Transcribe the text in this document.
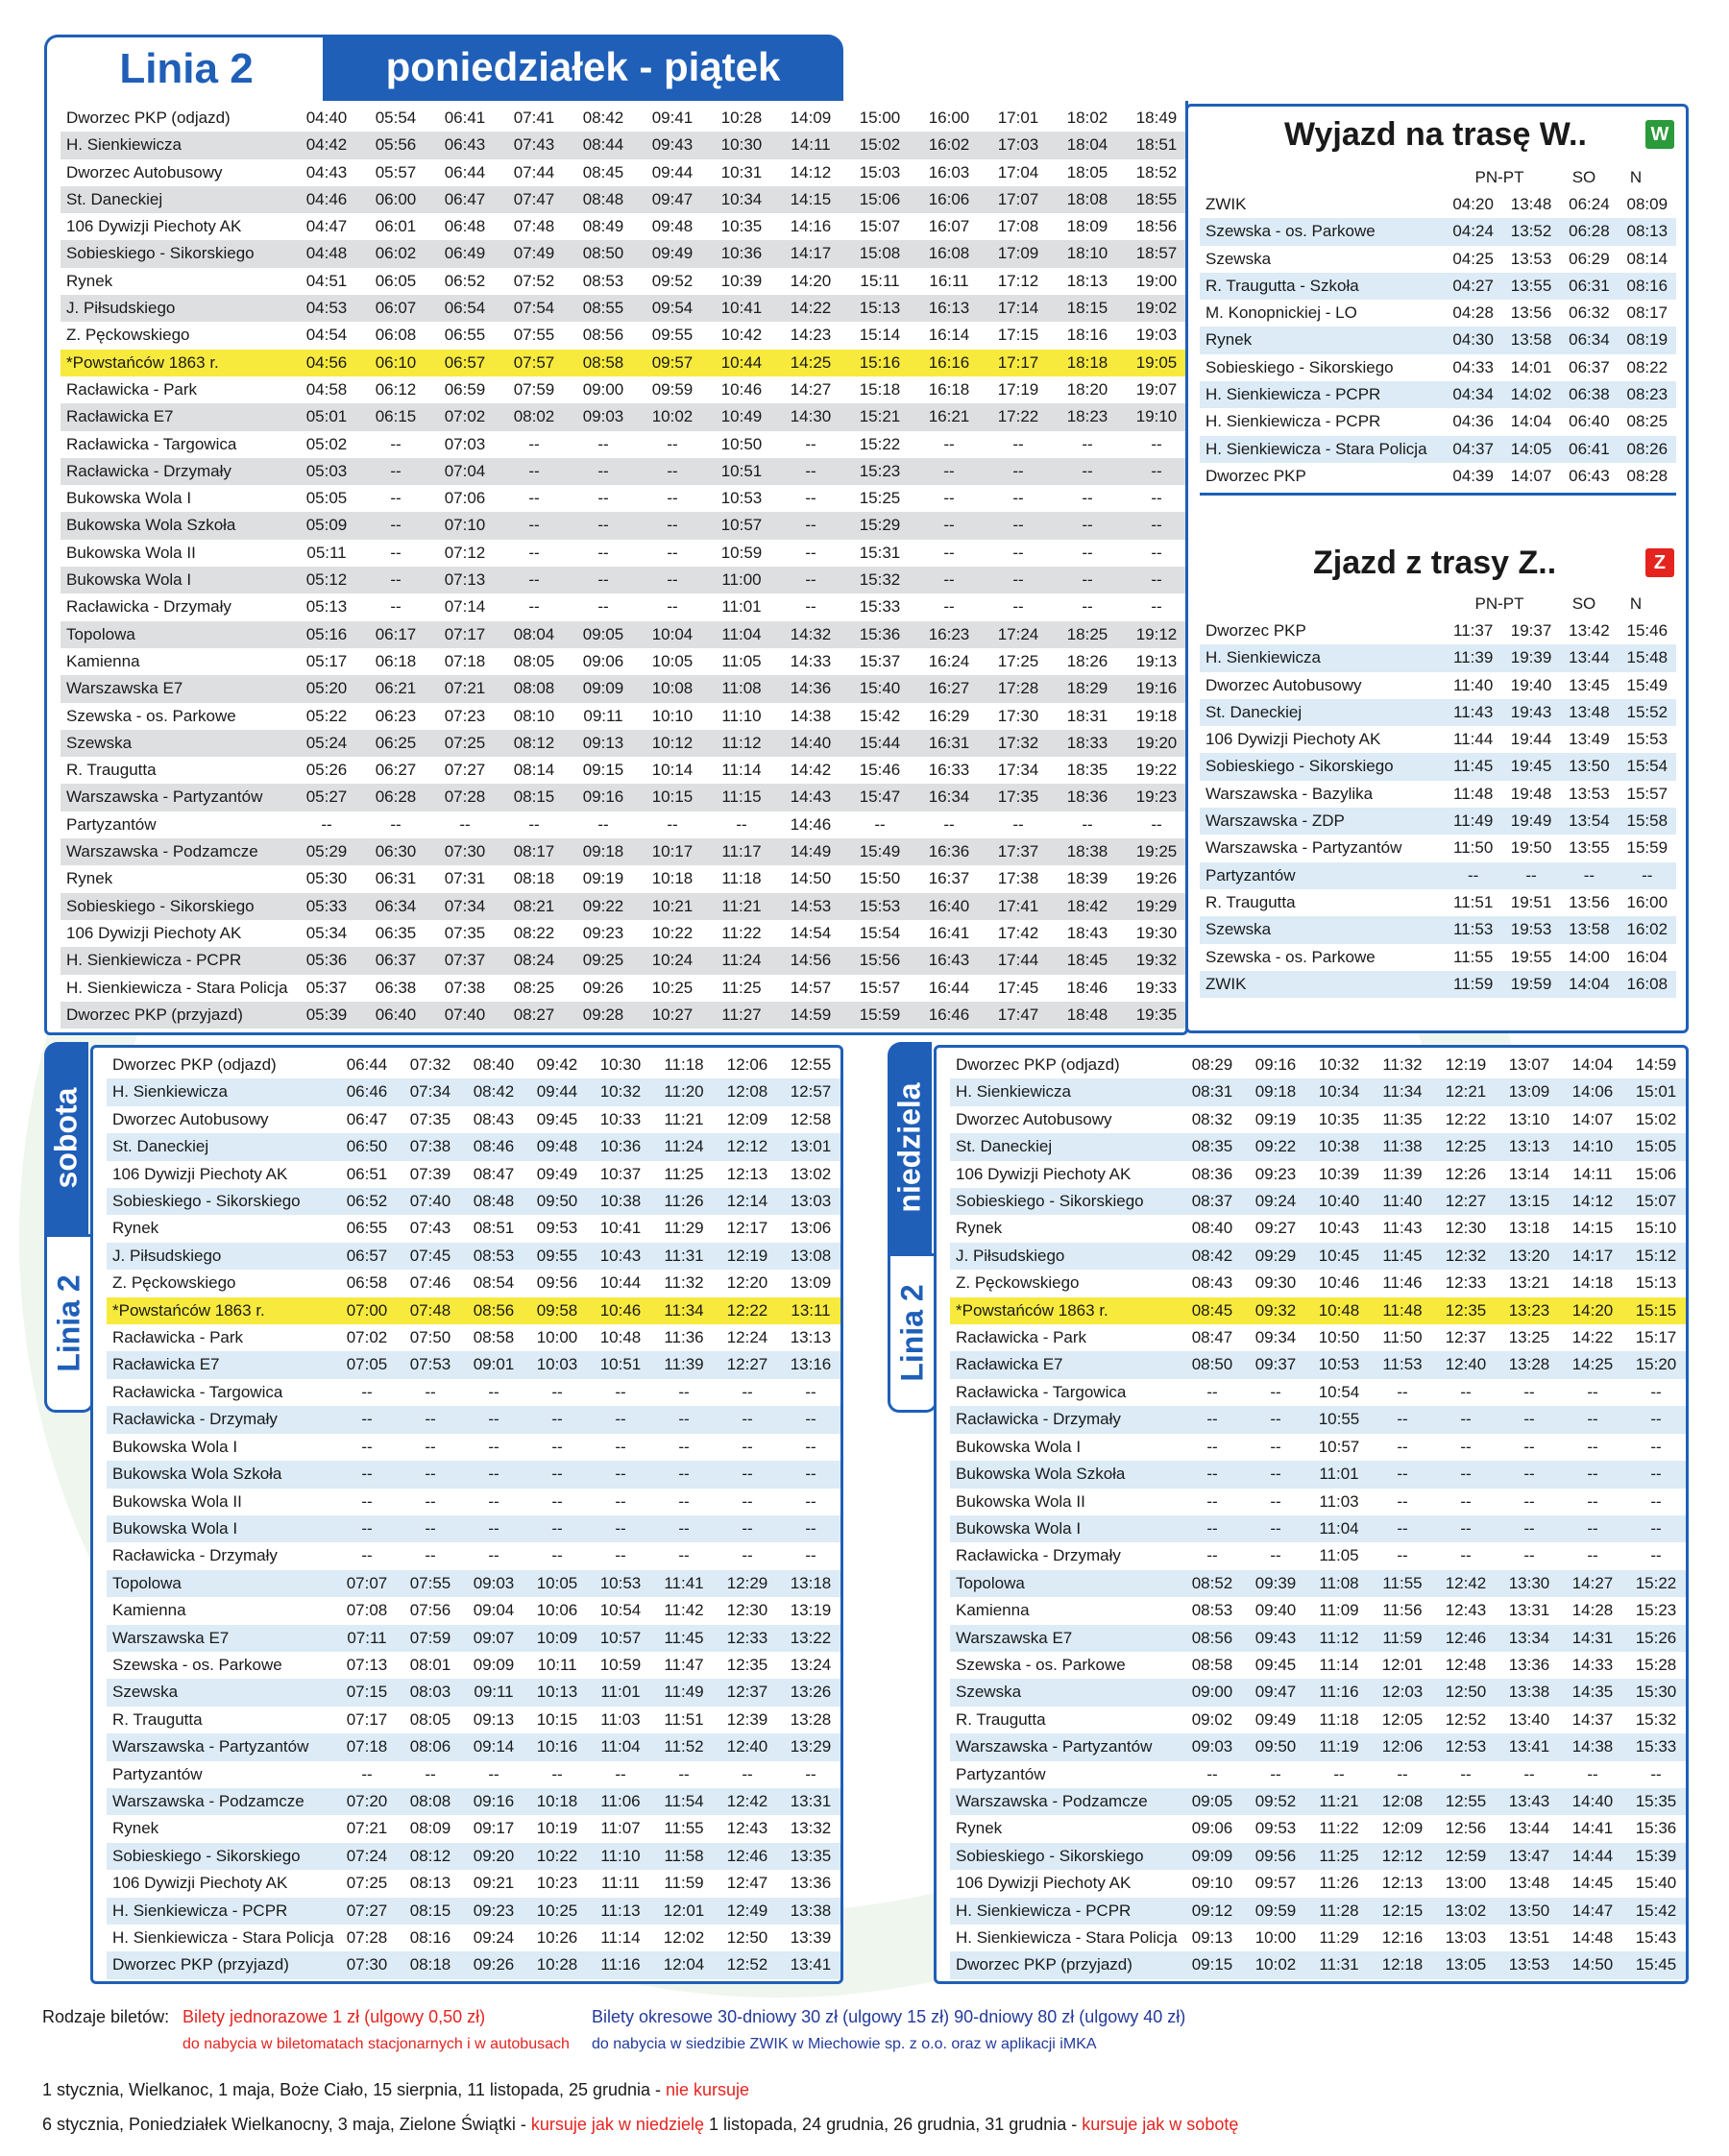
Linia 2	poniedziałek - piątek
Dworzec PKP (odjazd)	04:40	05:54	06:41	07:41	08:42	09:41	10:28	14:09	15:00	16:00	17:01	18:02	18:49
H. Sienkiewicza	04:42	05:56	06:43	07:43	08:44	09:43	10:30	14:11	15:02	16:02	17:03	18:04	18:51
Dworzec Autobusowy	04:43	05:57	06:44	07:44	08:45	09:44	10:31	14:12	15:03	16:03	17:04	18:05	18:52
St. Daneckiej	04:46	06:00	06:47	07:47	08:48	09:47	10:34	14:15	15:06	16:06	17:07	18:08	18:55
106 Dywizji Piechoty AK	04:47	06:01	06:48	07:48	08:49	09:48	10:35	14:16	15:07	16:07	17:08	18:09	18:56
Sobieskiego - Sikorskiego	04:48	06:02	06:49	07:49	08:50	09:49	10:36	14:17	15:08	16:08	17:09	18:10	18:57
Rynek	04:51	06:05	06:52	07:52	08:53	09:52	10:39	14:20	15:11	16:11	17:12	18:13	19:00
J. Piłsudskiego	04:53	06:07	06:54	07:54	08:55	09:54	10:41	14:22	15:13	16:13	17:14	18:15	19:02
Z. Pęckowskiego	04:54	06:08	06:55	07:55	08:56	09:55	10:42	14:23	15:14	16:14	17:15	18:16	19:03
*Powstańców 1863 r.	04:56	06:10	06:57	07:57	08:58	09:57	10:44	14:25	15:16	16:16	17:17	18:18	19:05
Racławicka - Park	04:58	06:12	06:59	07:59	09:00	09:59	10:46	14:27	15:18	16:18	17:19	18:20	19:07
Racławicka E7	05:01	06:15	07:02	08:02	09:03	10:02	10:49	14:30	15:21	16:21	17:22	18:23	19:10
Racławicka - Targowica	05:02	--	07:03	--	--	--	10:50	--	15:22	--	--	--	--
Racławicka - Drzymały	05:03	--	07:04	--	--	--	10:51	--	15:23	--	--	--	--
Bukowska Wola I	05:05	--	07:06	--	--	--	10:53	--	15:25	--	--	--	--
Bukowska Wola Szkoła	05:09	--	07:10	--	--	--	10:57	--	15:29	--	--	--	--
Bukowska Wola II	05:11	--	07:12	--	--	--	10:59	--	15:31	--	--	--	--
Bukowska Wola I	05:12	--	07:13	--	--	--	11:00	--	15:32	--	--	--	--
Racławicka - Drzymały	05:13	--	07:14	--	--	--	11:01	--	15:33	--	--	--	--
Topolowa	05:16	06:17	07:17	08:04	09:05	10:04	11:04	14:32	15:36	16:23	17:24	18:25	19:12
Kamienna	05:17	06:18	07:18	08:05	09:06	10:05	11:05	14:33	15:37	16:24	17:25	18:26	19:13
Warszawska E7	05:20	06:21	07:21	08:08	09:09	10:08	11:08	14:36	15:40	16:27	17:28	18:29	19:16
Szewska - os. Parkowe	05:22	06:23	07:23	08:10	09:11	10:10	11:10	14:38	15:42	16:29	17:30	18:31	19:18
Szewska	05:24	06:25	07:25	08:12	09:13	10:12	11:12	14:40	15:44	16:31	17:32	18:33	19:20
R. Traugutta	05:26	06:27	07:27	08:14	09:15	10:14	11:14	14:42	15:46	16:33	17:34	18:35	19:22
Warszawska - Partyzantów	05:27	06:28	07:28	08:15	09:16	10:15	11:15	14:43	15:47	16:34	17:35	18:36	19:23
Partyzantów	--	--	--	--	--	--	--	14:46	--	--	--	--	--
Warszawska - Podzamcze	05:29	06:30	07:30	08:17	09:18	10:17	11:17	14:49	15:49	16:36	17:37	18:38	19:25
Rynek	05:30	06:31	07:31	08:18	09:19	10:18	11:18	14:50	15:50	16:37	17:38	18:39	19:26
Sobieskiego - Sikorskiego	05:33	06:34	07:34	08:21	09:22	10:21	11:21	14:53	15:53	16:40	17:41	18:42	19:29
106 Dywizji Piechoty AK	05:34	06:35	07:35	08:22	09:23	10:22	11:22	14:54	15:54	16:41	17:42	18:43	19:30
H. Sienkiewicza - PCPR	05:36	06:37	07:37	08:24	09:25	10:24	11:24	14:56	15:56	16:43	17:44	18:45	19:32
H. Sienkiewicza - Stara Policja	05:37	06:38	07:38	08:25	09:26	10:25	11:25	14:57	15:57	16:44	17:45	18:46	19:33
Dworzec PKP (przyjazd)	05:39	06:40	07:40	08:27	09:28	10:27	11:27	14:59	15:59	16:46	17:47	18:48	19:35
Wyjazd na trasę W..	W
PN-PT	SO	N
ZWIK	04:20	13:48	06:24	08:09
Szewska - os. Parkowe	04:24	13:52	06:28	08:13
Szewska	04:25	13:53	06:29	08:14
R. Traugutta - Szkoła	04:27	13:55	06:31	08:16
M. Konopnickiej - LO	04:28	13:56	06:32	08:17
Rynek	04:30	13:58	06:34	08:19
Sobieskiego - Sikorskiego	04:33	14:01	06:37	08:22
H. Sienkiewicza - PCPR	04:34	14:02	06:38	08:23
H. Sienkiewicza - PCPR	04:36	14:04	06:40	08:25
H. Sienkiewicza - Stara Policja	04:37	14:05	06:41	08:26
Dworzec PKP	04:39	14:07	06:43	08:28
Zjazd z trasy Z..	Z
PN-PT	SO	N
Dworzec PKP	11:37	19:37	13:42	15:46
H. Sienkiewicza	11:39	19:39	13:44	15:48
Dworzec Autobusowy	11:40	19:40	13:45	15:49
St. Daneckiej	11:43	19:43	13:48	15:52
106 Dywizji Piechoty AK	11:44	19:44	13:49	15:53
Sobieskiego - Sikorskiego	11:45	19:45	13:50	15:54
Warszawska - Bazylika	11:48	19:48	13:53	15:57
Warszawska - ZDP	11:49	19:49	13:54	15:58
Warszawska - Partyzantów	11:50	19:50	13:55	15:59
Partyzantów	--	--	--	--
R. Traugutta	11:51	19:51	13:56	16:00
Szewska	11:53	19:53	13:58	16:02
Szewska - os. Parkowe	11:55	19:55	14:00	16:04
ZWIK	11:59	19:59	14:04	16:08
sobota
Linia 2
Dworzec PKP (odjazd)	06:44	07:32	08:40	09:42	10:30	11:18	12:06	12:55
H. Sienkiewicza	06:46	07:34	08:42	09:44	10:32	11:20	12:08	12:57
Dworzec Autobusowy	06:47	07:35	08:43	09:45	10:33	11:21	12:09	12:58
St. Daneckiej	06:50	07:38	08:46	09:48	10:36	11:24	12:12	13:01
106 Dywizji Piechoty AK	06:51	07:39	08:47	09:49	10:37	11:25	12:13	13:02
Sobieskiego - Sikorskiego	06:52	07:40	08:48	09:50	10:38	11:26	12:14	13:03
Rynek	06:55	07:43	08:51	09:53	10:41	11:29	12:17	13:06
J. Piłsudskiego	06:57	07:45	08:53	09:55	10:43	11:31	12:19	13:08
Z. Pęckowskiego	06:58	07:46	08:54	09:56	10:44	11:32	12:20	13:09
*Powstańców 1863 r.	07:00	07:48	08:56	09:58	10:46	11:34	12:22	13:11
Racławicka - Park	07:02	07:50	08:58	10:00	10:48	11:36	12:24	13:13
Racławicka E7	07:05	07:53	09:01	10:03	10:51	11:39	12:27	13:16
Racławicka - Targowica	--	--	--	--	--	--	--	--
Racławicka - Drzymały	--	--	--	--	--	--	--	--
Bukowska Wola I	--	--	--	--	--	--	--	--
Bukowska Wola Szkoła	--	--	--	--	--	--	--	--
Bukowska Wola II	--	--	--	--	--	--	--	--
Bukowska Wola I	--	--	--	--	--	--	--	--
Racławicka - Drzymały	--	--	--	--	--	--	--	--
Topolowa	07:07	07:55	09:03	10:05	10:53	11:41	12:29	13:18
Kamienna	07:08	07:56	09:04	10:06	10:54	11:42	12:30	13:19
Warszawska E7	07:11	07:59	09:07	10:09	10:57	11:45	12:33	13:22
Szewska - os. Parkowe	07:13	08:01	09:09	10:11	10:59	11:47	12:35	13:24
Szewska	07:15	08:03	09:11	10:13	11:01	11:49	12:37	13:26
R. Traugutta	07:17	08:05	09:13	10:15	11:03	11:51	12:39	13:28
Warszawska - Partyzantów	07:18	08:06	09:14	10:16	11:04	11:52	12:40	13:29
Partyzantów	--	--	--	--	--	--	--	--
Warszawska - Podzamcze	07:20	08:08	09:16	10:18	11:06	11:54	12:42	13:31
Rynek	07:21	08:09	09:17	10:19	11:07	11:55	12:43	13:32
Sobieskiego - Sikorskiego	07:24	08:12	09:20	10:22	11:10	11:58	12:46	13:35
106 Dywizji Piechoty AK	07:25	08:13	09:21	10:23	11:11	11:59	12:47	13:36
H. Sienkiewicza - PCPR	07:27	08:15	09:23	10:25	11:13	12:01	12:49	13:38
H. Sienkiewicza - Stara Policja	07:28	08:16	09:24	10:26	11:14	12:02	12:50	13:39
Dworzec PKP (przyjazd)	07:30	08:18	09:26	10:28	11:16	12:04	12:52	13:41
niedziela
Linia 2
Dworzec PKP (odjazd)	08:29	09:16	10:32	11:32	12:19	13:07	14:04	14:59
H. Sienkiewicza	08:31	09:18	10:34	11:34	12:21	13:09	14:06	15:01
Dworzec Autobusowy	08:32	09:19	10:35	11:35	12:22	13:10	14:07	15:02
St. Daneckiej	08:35	09:22	10:38	11:38	12:25	13:13	14:10	15:05
106 Dywizji Piechoty AK	08:36	09:23	10:39	11:39	12:26	13:14	14:11	15:06
Sobieskiego - Sikorskiego	08:37	09:24	10:40	11:40	12:27	13:15	14:12	15:07
Rynek	08:40	09:27	10:43	11:43	12:30	13:18	14:15	15:10
J. Piłsudskiego	08:42	09:29	10:45	11:45	12:32	13:20	14:17	15:12
Z. Pęckowskiego	08:43	09:30	10:46	11:46	12:33	13:21	14:18	15:13
*Powstańców 1863 r.	08:45	09:32	10:48	11:48	12:35	13:23	14:20	15:15
Racławicka - Park	08:47	09:34	10:50	11:50	12:37	13:25	14:22	15:17
Racławicka E7	08:50	09:37	10:53	11:53	12:40	13:28	14:25	15:20
Racławicka - Targowica	--	--	10:54	--	--	--	--	--
Racławicka - Drzymały	--	--	10:55	--	--	--	--	--
Bukowska Wola I	--	--	10:57	--	--	--	--	--
Bukowska Wola Szkoła	--	--	11:01	--	--	--	--	--
Bukowska Wola II	--	--	11:03	--	--	--	--	--
Bukowska Wola I	--	--	11:04	--	--	--	--	--
Racławicka - Drzymały	--	--	11:05	--	--	--	--	--
Topolowa	08:52	09:39	11:08	11:55	12:42	13:30	14:27	15:22
Kamienna	08:53	09:40	11:09	11:56	12:43	13:31	14:28	15:23
Warszawska E7	08:56	09:43	11:12	11:59	12:46	13:34	14:31	15:26
Szewska - os. Parkowe	08:58	09:45	11:14	12:01	12:48	13:36	14:33	15:28
Szewska	09:00	09:47	11:16	12:03	12:50	13:38	14:35	15:30
R. Traugutta	09:02	09:49	11:18	12:05	12:52	13:40	14:37	15:32
Warszawska - Partyzantów	09:03	09:50	11:19	12:06	12:53	13:41	14:38	15:33
Partyzantów	--	--	--	--	--	--	--	--
Warszawska - Podzamcze	09:05	09:52	11:21	12:08	12:55	13:43	14:40	15:35
Rynek	09:06	09:53	11:22	12:09	12:56	13:44	14:41	15:36
Sobieskiego - Sikorskiego	09:09	09:56	11:25	12:12	12:59	13:47	14:44	15:39
106 Dywizji Piechoty AK	09:10	09:57	11:26	12:13	13:00	13:48	14:45	15:40
H. Sienkiewicza - PCPR	09:12	09:59	11:28	12:15	13:02	13:50	14:47	15:42
H. Sienkiewicza - Stara Policja	09:13	10:00	11:29	12:16	13:03	13:51	14:48	15:43
Dworzec PKP (przyjazd)	09:15	10:02	11:31	12:18	13:05	13:53	14:50	15:45
Rodzaje biletów: Bilety jednorazowe 1 zł (ulgowy 0,50 zł)
do nabycia w biletomatach stacjonarnych i w autobusach
Bilety okresowe 30-dniowy 30 zł (ulgowy 15 zł) 90-dniowy 80 zł (ulgowy 40 zł)
do nabycia w siedzibie ZWIK w Miechowie sp. z o.o. oraz w aplikacji iMKA
1 stycznia, Wielkanoc, 1 maja, Boże Ciało, 15 sierpnia, 11 listopada, 25 grudnia - nie kursuje
6 stycznia, Poniedziałek Wielkanocny, 3 maja, Zielone Świątki - kursuje jak w niedzielę 1 listopada, 24 grudnia, 26 grudnia, 31 grudnia - kursuje jak w sobotę
